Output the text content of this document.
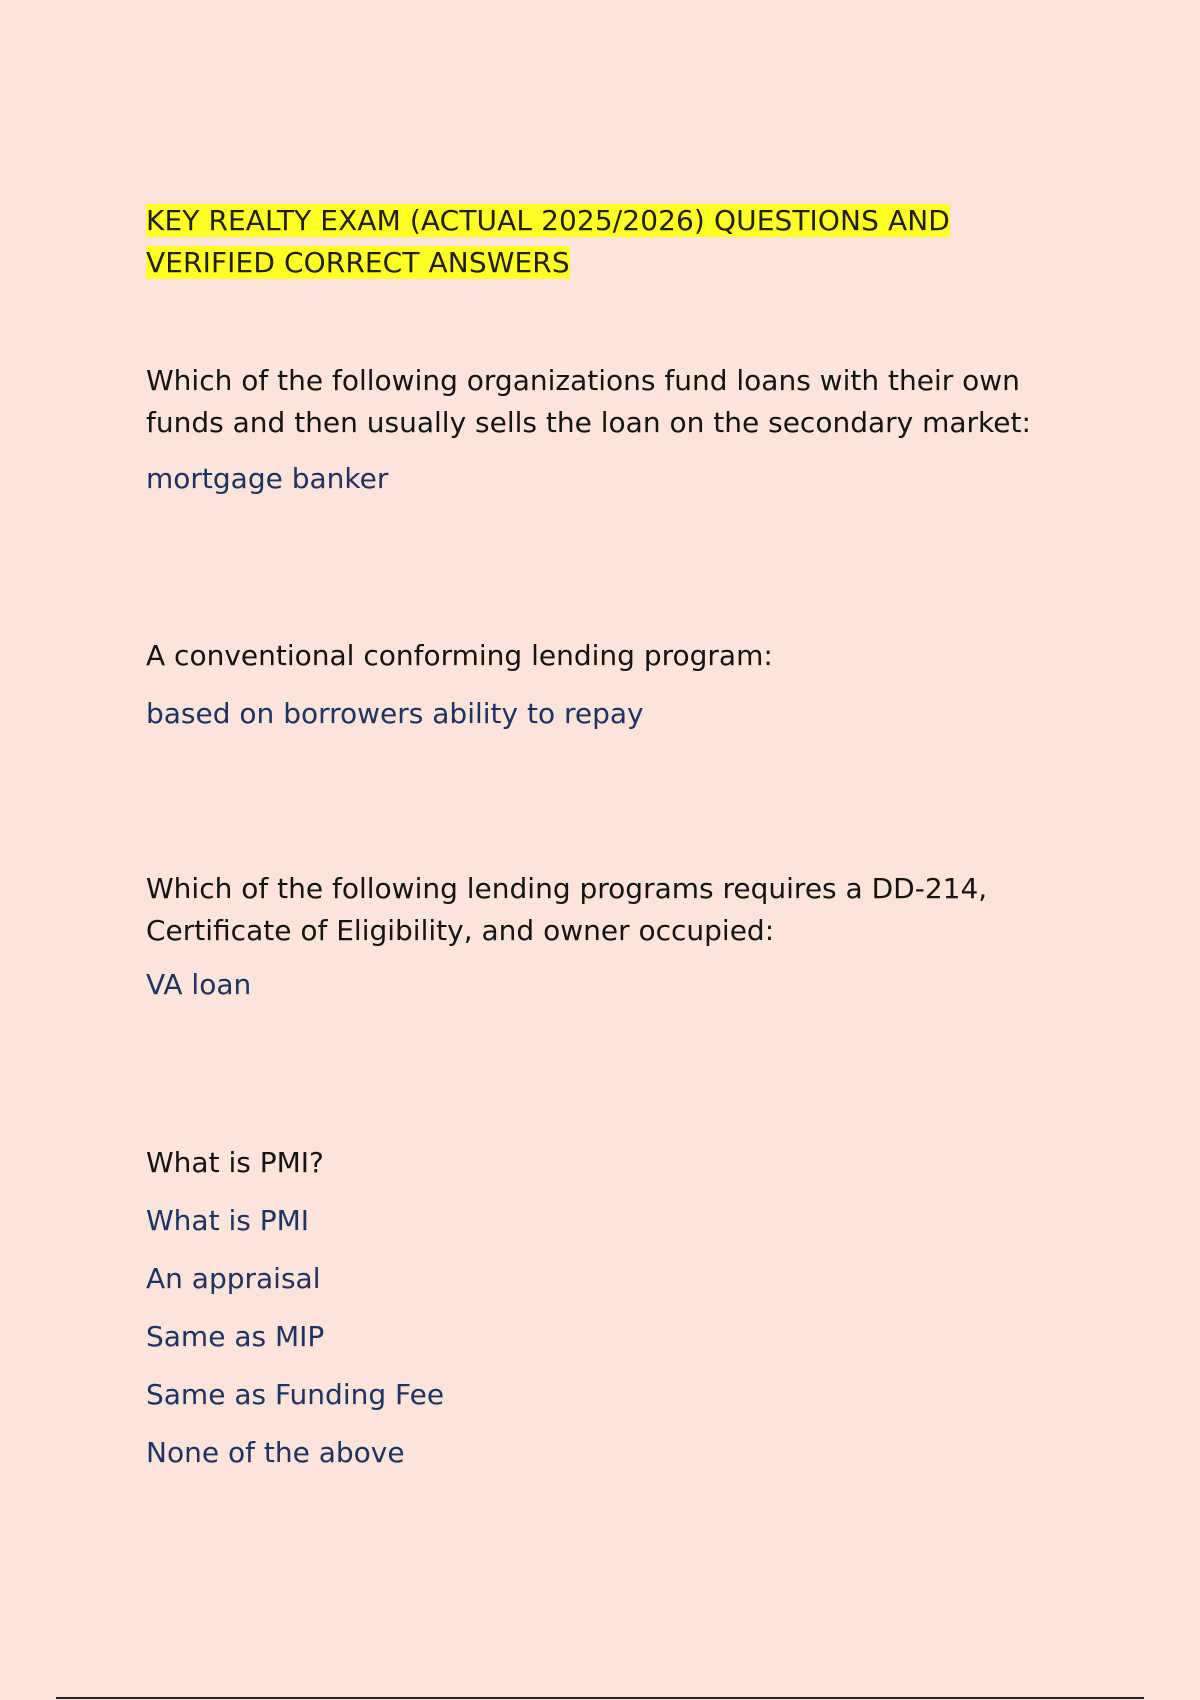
KEY REALTY EXAM (ACTUAL 2025/2026) QUESTIONS AND

VERIFIED CORRECT ANSWERS

Which of the following organizations fund loans with their own

funds and then usually sells the loan on the secondary market:

mortgage banker

A conventional conforming lending program:

based on borrowers ability to repay

Which of the following lending programs requires a DD-214,

Certificate of Eligibility, and owner occupied:

VA loan

What is PMI?

What is PMI

An appraisal

Same as MIP

Same as Funding Fee

None of the above
